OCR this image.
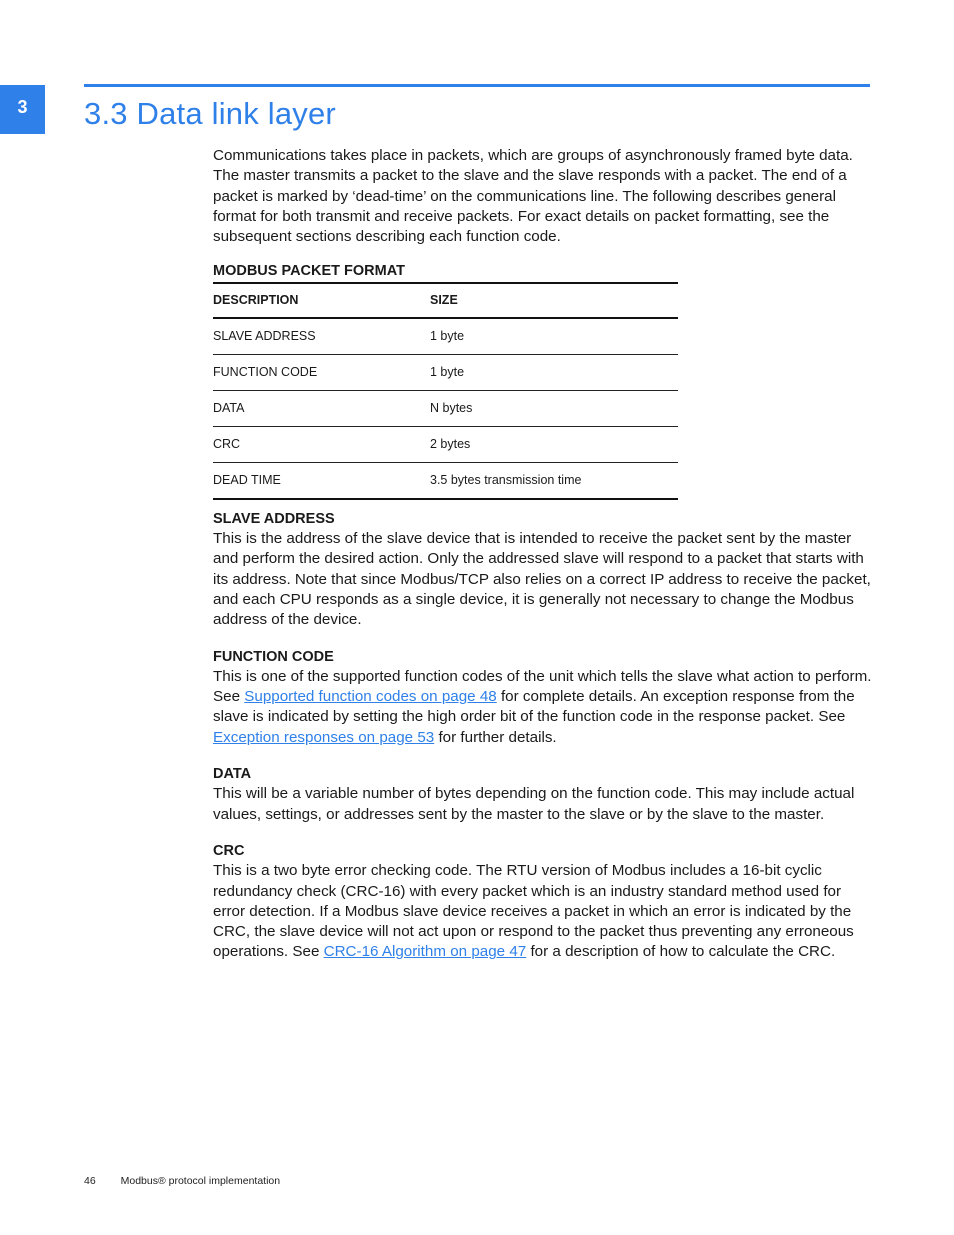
3	3.3 Data link layer

Communications takes place in packets, which are groups of asynchronously framed byte data. The master transmits a packet to the slave and the slave responds with a packet. The end of a packet is marked by ‘dead-time’ on the communications line. The following describes general format for both transmit and receive packets. For exact details on packet formatting, see the subsequent sections describing each function code.

MODBUS PACKET FORMAT

DESCRIPTION	SIZE
SLAVE ADDRESS	1 byte
FUNCTION CODE	1 byte
DATA	N bytes
CRC	2 bytes
DEAD TIME	3.5 bytes transmission time

SLAVE ADDRESS

This is the address of the slave device that is intended to receive the packet sent by the master and perform the desired action. Only the addressed slave will respond to a packet that starts with its address. Note that since Modbus/TCP also relies on a correct IP address to receive the packet, and each CPU responds as a single device, it is generally not necessary to change the Modbus address of the device.

FUNCTION CODE

This is one of the supported function codes of the unit which tells the slave what action to perform. See Supported function codes on page 48 for complete details. An exception response from the slave is indicated by setting the high order bit of the function code in the response packet. See Exception responses on page 53 for further details.

DATA

This will be a variable number of bytes depending on the function code. This may include actual values, settings, or addresses sent by the master to the slave or by the slave to the master.

CRC

This is a two byte error checking code. The RTU version of Modbus includes a 16-bit cyclic redundancy check (CRC-16) with every packet which is an industry standard method used for error detection. If a Modbus slave device receives a packet in which an error is indicated by the CRC, the slave device will not act upon or respond to the packet thus preventing any erroneous operations. See CRC-16 Algorithm on page 47 for a description of how to calculate the CRC.

46 Modbus® protocol implementation
